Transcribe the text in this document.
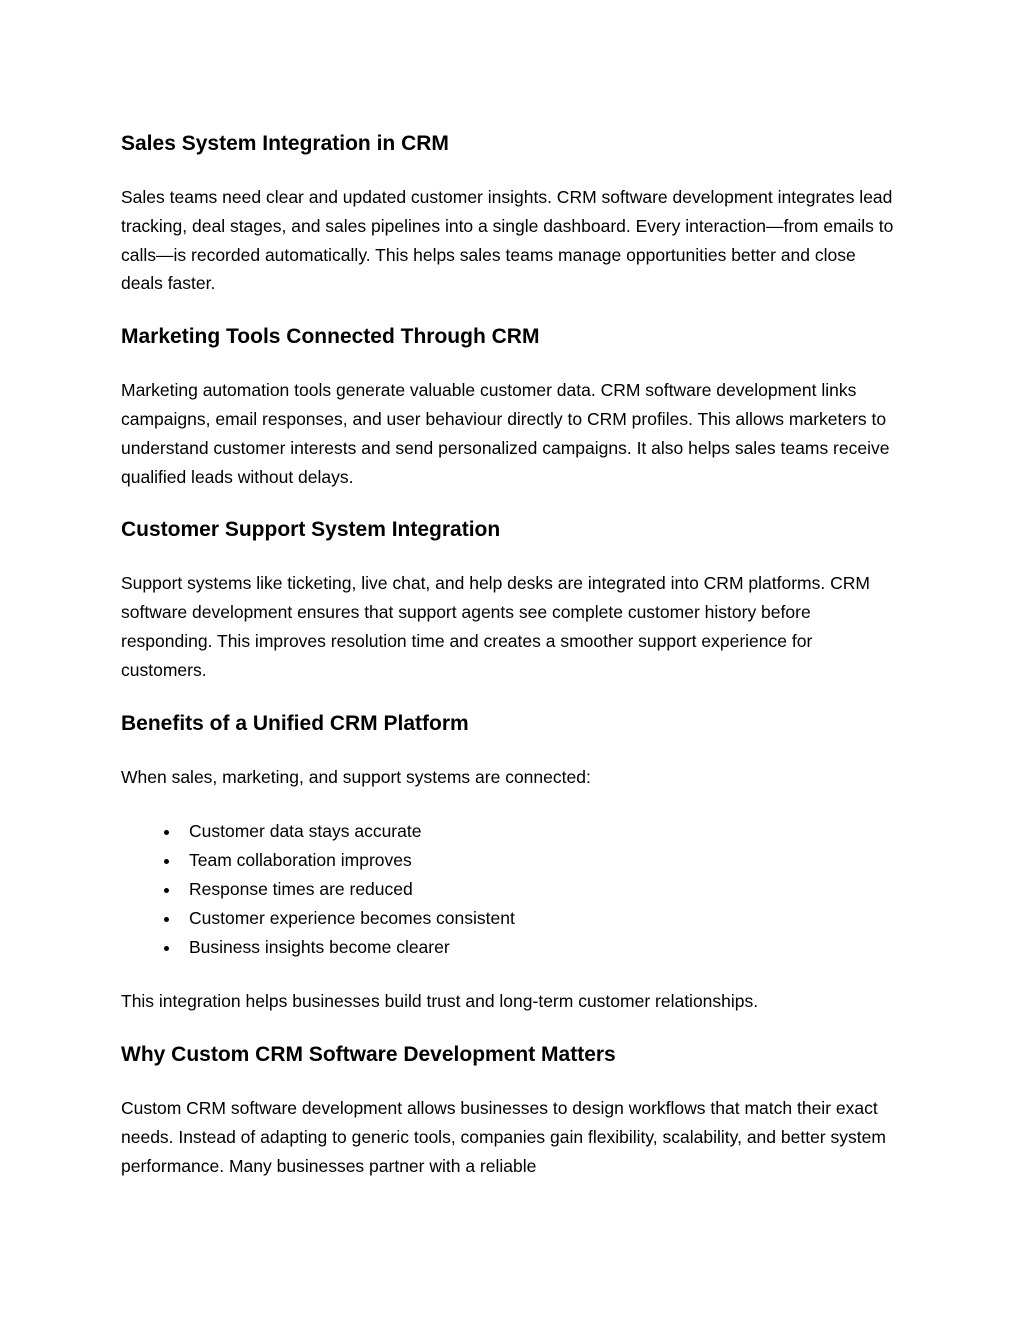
Sales System Integration in CRM

Sales teams need clear and updated customer insights. CRM software development integrates lead tracking, deal stages, and sales pipelines into a single dashboard. Every interaction—from emails to calls—is recorded automatically. This helps sales teams manage opportunities better and close deals faster.

Marketing Tools Connected Through CRM

Marketing automation tools generate valuable customer data. CRM software development links campaigns, email responses, and user behaviour directly to CRM profiles. This allows marketers to understand customer interests and send personalized campaigns. It also helps sales teams receive qualified leads without delays.

Customer Support System Integration

Support systems like ticketing, live chat, and help desks are integrated into CRM platforms. CRM software development ensures that support agents see complete customer history before responding. This improves resolution time and creates a smoother support experience for customers.

Benefits of a Unified CRM Platform

When sales, marketing, and support systems are connected:

• Customer data stays accurate
• Team collaboration improves
• Response times are reduced
• Customer experience becomes consistent
• Business insights become clearer

This integration helps businesses build trust and long-term customer relationships.

Why Custom CRM Software Development Matters

Custom CRM software development allows businesses to design workflows that match their exact needs. Instead of adapting to generic tools, companies gain flexibility, scalability, and better system performance. Many businesses partner with a reliable
